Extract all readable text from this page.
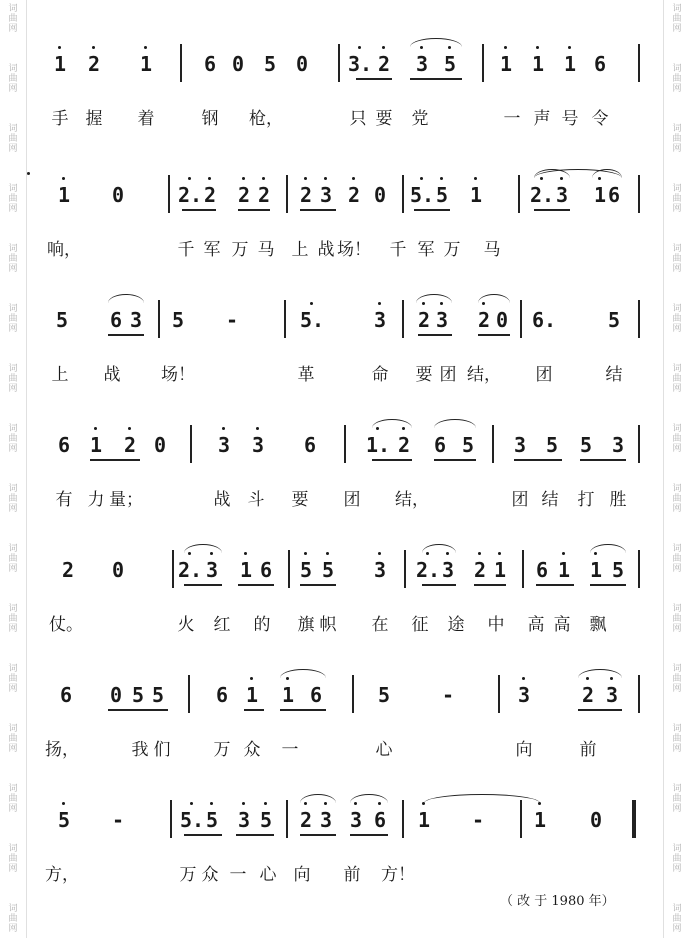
词
曲
网
词
曲
网
词
曲
网
词
曲
网
词
曲
网
词
曲
网
词
曲
网
词
曲
网
词
曲
网
词
曲
网
词
曲
网
词
曲
网
词
曲
网
词
曲
网
词
曲
网
词
曲
网
词
曲
网
词
曲
网
词
曲
网
词
曲
网
词
曲
网
词
曲
网
词
曲
网
词
曲
网
词
曲
网
词
曲
网
词
曲
网
词
曲
网
词
曲
网
词
曲
网
词
曲
网
词
曲
网
1 2 1	6 0 5 0 3. 2 3 5 1 1 1 6
手 握 着	钢 枪，	只 要 党	一 声 号 令
1 0	2. 2 2 2 2 3 2 0 5. 5 1 2. 3 1 6
响，	千 军 万 马 上 战 场！ 千 军 万 马
5 6 3 5 -	5. 3 2 3 2 0 6.	5
上 战 场！	革	命 要 团 结， 团	结
6 1 2 0	3 3 6 1. 2 6 5 3 5 5 3
有 力 量；	战 斗 要 团 结，	团 结 打 胜
2 0	2. 3 1 6 5 5 3 2. 3 2 1 6 1 1 5
仗。	火 红 的 旗 帜 在 征 途 中 高 高 飘
6 0 5 5	6 1 1 6	5	-	3	2 3
扬，	我 们	万 众 一	心	向	前
5 -	5. 5 3 5 2 3 3 6 1 - 1 0
方，	万 众 一 心 向 前 方！
（ 改 于 1980 年）
